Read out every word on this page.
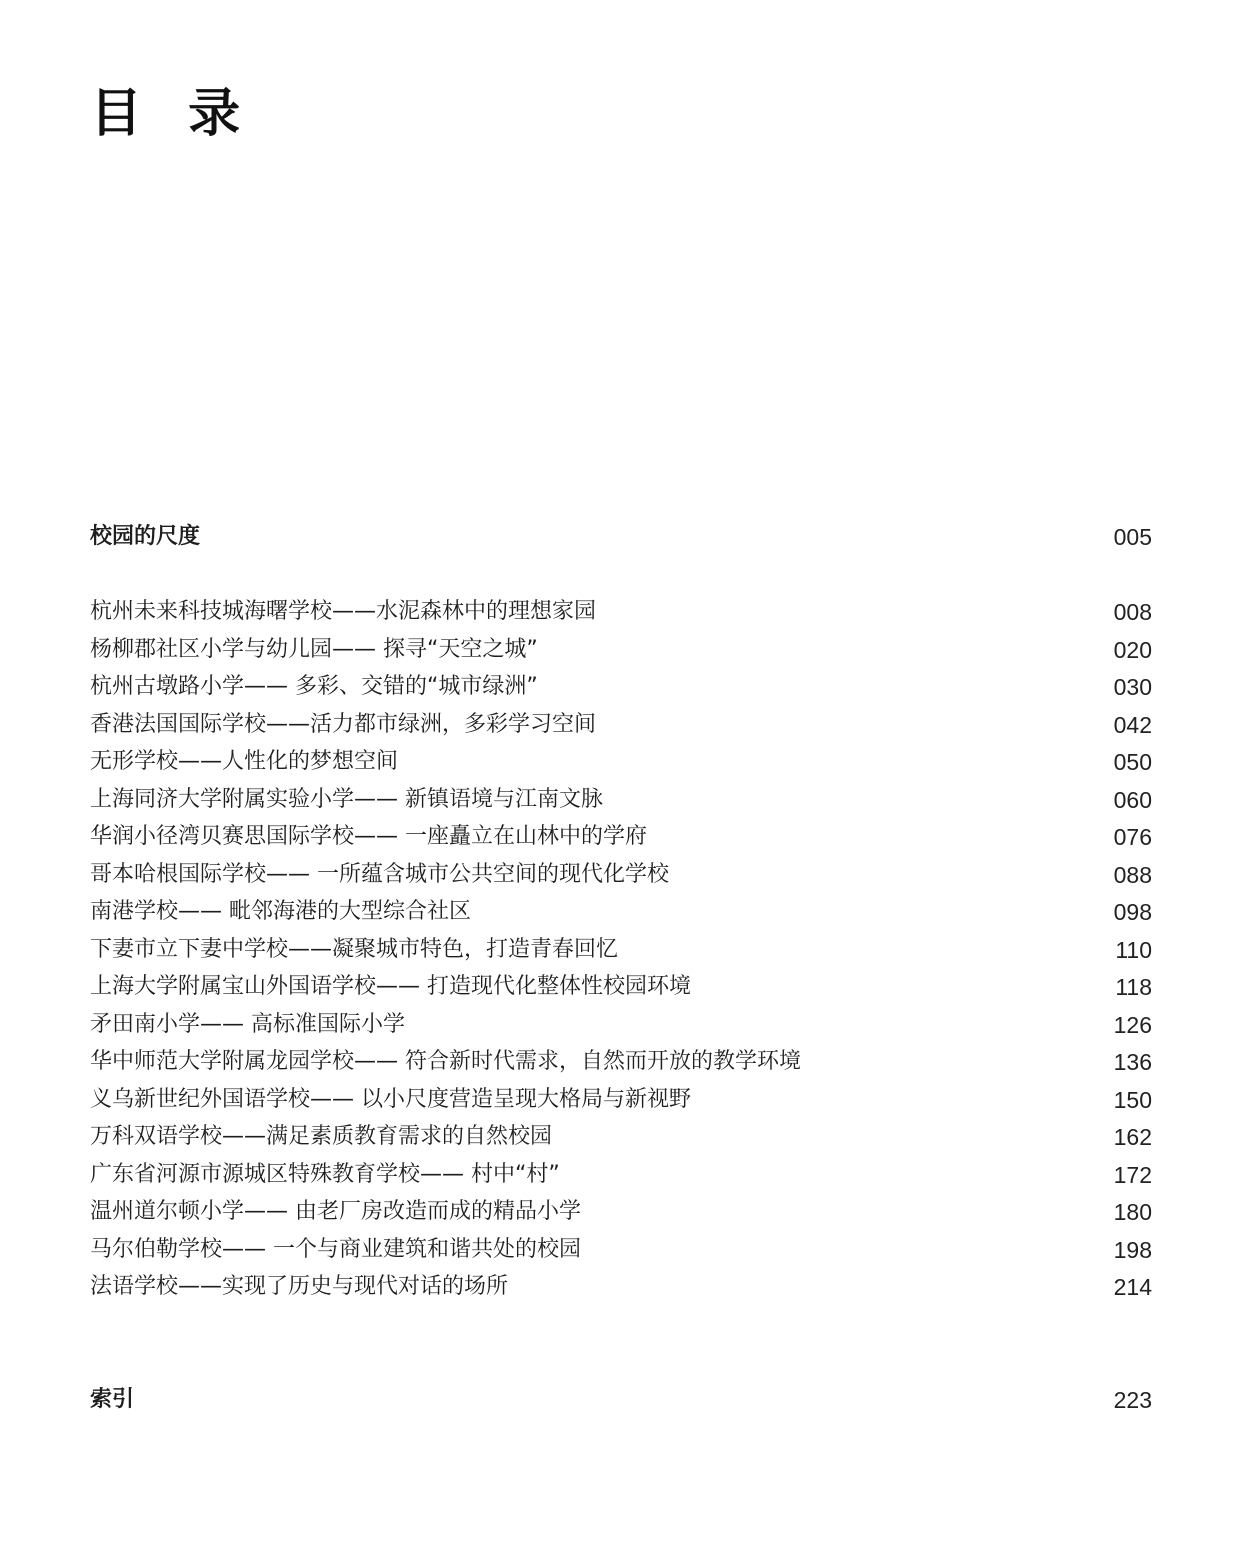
目 录
校园的尺度	005
杭州未来科技城海曙学校——水泥森林中的理想家园	008
杨柳郡社区小学与幼儿园—— 探寻“天空之城”	020
杭州古墩路小学—— 多彩、交错的“城市绿洲”	030
香港法国国际学校——活力都市绿洲，多彩学习空间	042
无形学校——人性化的梦想空间	050
上海同济大学附属实验小学—— 新镇语境与江南文脉	060
华润小径湾贝赛思国际学校—— 一座矗立在山林中的学府	076
哥本哈根国际学校—— 一所蕴含城市公共空间的现代化学校	088
南港学校—— 毗邻海港的大型综合社区	098
下妻市立下妻中学校——凝聚城市特色，打造青春回忆	110
上海大学附属宝山外国语学校—— 打造现代化整体性校园环境	118
矛田南小学—— 高标准国际小学	126
华中师范大学附属龙园学校—— 符合新时代需求，自然而开放的教学环境	136
义乌新世纪外国语学校—— 以小尺度营造呈现大格局与新视野	150
万科双语学校——满足素质教育需求的自然校园	162
广东省河源市源城区特殊教育学校—— 村中“村”	172
温州道尔顿小学—— 由老厂房改造而成的精品小学	180
马尔伯勒学校—— 一个与商业建筑和谐共处的校园	198
法语学校——实现了历史与现代对话的场所	214
索引	223
